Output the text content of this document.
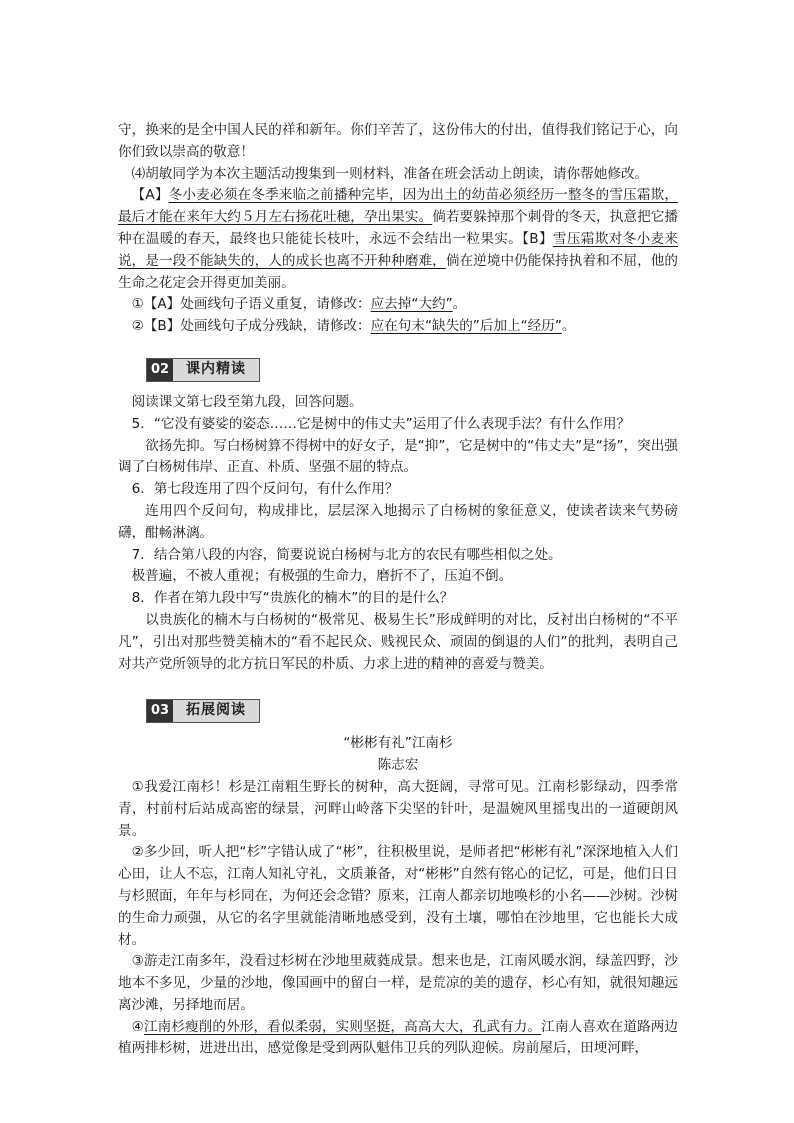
守，换来的是全中国人民的祥和新年。你们辛苦了，这份伟大的付出，值得我们铭记于心，向你们致以崇高的敬意！

⑷胡敏同学为本次主题活动搜集到一则材料，准备在班会活动上朗读，请你帮她修改。

【A】冬小麦必须在冬季来临之前播种完毕，因为出土的幼苗必须经历一整冬的雪压霜欺，最后才能在来年大约５月左右扬花吐穗，孕出果实。倘若要躲掉那个刺骨的冬天，执意把它播种在温暖的春天，最终也只能徒长枝叶，永远不会结出一粒果实。【B】雪压霜欺对冬小麦来说，是一段不能缺失的，人的成长也离不开种种磨难，倘在逆境中仍能保持执着和不屈，他的生命之花定会开得更加美丽。

①【A】处画线句子语义重复，请修改：应去掉“大约”。

②【B】处画线句子成分残缺，请修改：应在句末“缺失的”后加上“经历”。

02	课内精读

阅读课文第七段至第九段，回答问题。

5．“它没有婆娑的姿态……它是树中的伟丈夫”运用了什么表现手法？有什么作用？

欲扬先抑。写白杨树算不得树中的好女子，是“抑”，它是树中的“伟丈夫”是“扬”，突出强调了白杨树伟岸、正直、朴质、坚强不屈的特点。

6．第七段连用了四个反问句，有什么作用？

连用四个反问句，构成排比，层层深入地揭示了白杨树的象征意义，使读者读来气势磅礴，酣畅淋漓。

7．结合第八段的内容，简要说说白杨树与北方的农民有哪些相似之处。

极普遍，不被人重视；有极强的生命力，磨折不了，压迫不倒。

8．作者在第九段中写“贵族化的楠木”的目的是什么？

以贵族化的楠木与白杨树的“极常见、极易生长”形成鲜明的对比，反衬出白杨树的“不平凡”，引出对那些赞美楠木的“看不起民众、贱视民众、顽固的倒退的人们”的批判，表明自己对共产党所领导的北方抗日军民的朴质、力求上进的精神的喜爱与赞美。

03	拓展阅读

“彬彬有礼”江南杉

陈志宏

①我爱江南杉！杉是江南粗生野长的树种，高大挺阔，寻常可见。江南杉影绿动，四季常青，村前村后站成高密的绿景，河畔山岭落下尖坚的针叶，是温婉风里摇曳出的一道硬朗风景。

②多少回，听人把“杉”字错认成了“彬”，往积极里说，是师者把“彬彬有礼”深深地植入人们心田，让人不忘，江南人知礼守礼，文质兼备，对“彬彬”自然有铭心的记忆，可是，他们日日与杉照面，年年与杉同在，为何还会念错？原来，江南人都亲切地唤杉的小名——沙树。沙树的生命力顽强，从它的名字里就能清晰地感受到，没有土壤，哪怕在沙地里，它也能长大成材。

③游走江南多年，没看过杉树在沙地里葳蕤成景。想来也是，江南风暖水润，绿盖四野，沙地本不多见，少量的沙地，像国画中的留白一样，是荒凉的美的遗存，杉心有知，就很知趣远离沙滩，另择地而居。

④江南杉瘦削的外形，看似柔弱，实则坚挺，高高大大，孔武有力。江南人喜欢在道路两边植两排杉树，进进出出，感觉像是受到两队魁伟卫兵的列队迎候。房前屋后，田埂河畔，
